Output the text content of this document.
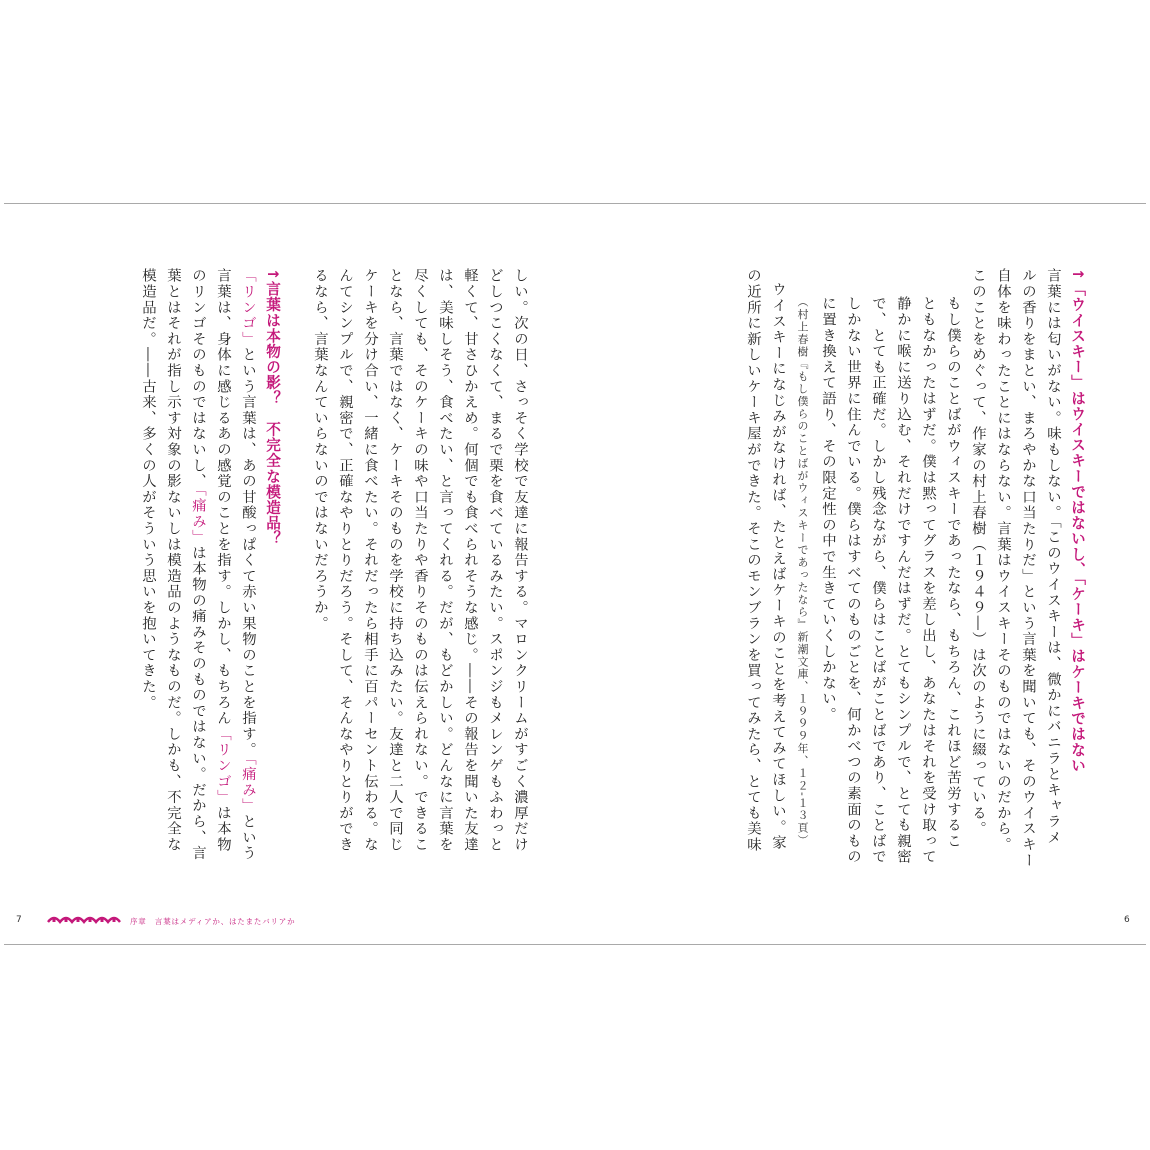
↑「ウイスキー」はウイスキーではないし、「ケーキ」はケーキではない
言葉には匂いがない。味もしない。「このウイスキーは、微かにバニラとキャラメ
ルの香りをまとい、まろやかな口当たりだ」という言葉を聞いても、そのウイスキー
自体を味わったことにはならない。言葉はウイスキーそのものではないのだから。
このことをめぐって、作家の村上春樹（１９４９―）は次のように綴っている。
もし僕らのことばがウィスキーであったなら、もちろん、これほど苦労するこ
ともなかったはずだ。僕は黙ってグラスを差し出し、あなたはそれを受け取って
静かに喉に送り込む、それだけですんだはずだ。とてもシンプルで、とても親密
で、とても正確だ。しかし残念ながら、僕らはことばがことばであり、ことばで
しかない世界に住んでいる。僕らはすべてのものごとを、何かべつの素面のもの
に置き換えて語り、その限定性の中で生きていくしかない。
（村上春樹『もし僕らのことばがウィスキーであったなら』新潮文庫、１９９９年、１２‐１３頁）
ウイスキーになじみがなければ、たとえばケーキのことを考えてみてほしい。家
の近所に新しいケーキ屋ができた。そこのモンブランを買ってみたら、とても美味
6
しい。次の日、さっそく学校で友達に報告する。マロンクリームがすごく濃厚だけ
どしつこくなくて、まるで栗を食べているみたい。スポンジもメレンゲもふわっと
軽くて、甘さひかえめ。何個でも食べられそうな感じ。――その報告を聞いた友達
は、美味しそう、食べたい、と言ってくれる。だが、もどかしい。どんなに言葉を
尽くしても、そのケーキの味や口当たりや香りそのものは伝えられない。できるこ
となら、言葉ではなく、ケーキそのものを学校に持ち込みたい。友達と二人で同じ
ケーキを分け合い、一緒に食べたい。それだったら相手に百パーセント伝わる。な
んてシンプルで、親密で、正確なやりとりだろう。そして、そんなやりとりができ
るなら、言葉なんていらないのではないだろうか。
↑言葉は本物の影？　不完全な模造品？
「リンゴ」という言葉は、あの甘酸っぱくて赤い果物のことを指す。「痛み」という
言葉は、身体に感じるあの感覚のことを指す。しかし、もちろん「リンゴ」は本物
のリンゴそのものではないし、「痛み」は本物の痛みそのものではない。だから、言
葉とはそれが指し示す対象の影ないしは模造品のようなものだ。しかも、不完全な
模造品だ。――古来、多くの人がそういう思いを抱いてきた。
7	序章　言葉はメディアか、はたまたバリアか
